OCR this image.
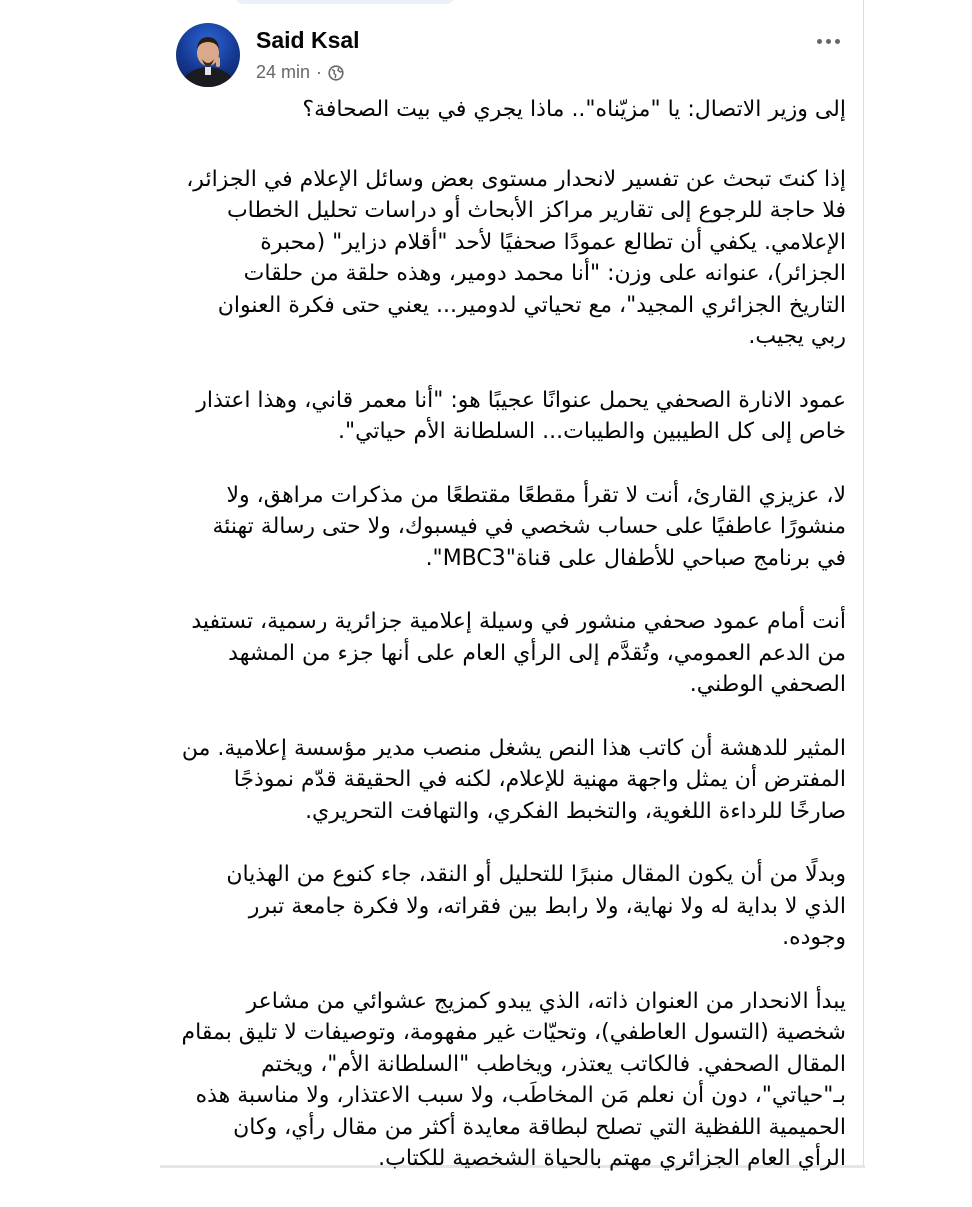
Said Ksal
24 min ·

إلى وزير الاتصال: يا "مزيّناه".. ماذا يجري في بيت الصحافة؟

إذا كنتَ تبحث عن تفسير لانحدار مستوى بعض وسائل الإعلام في الجزائر، فلا حاجة للرجوع إلى تقارير مراكز الأبحاث أو دراسات تحليل الخطاب الإعلامي. يكفي أن تطالع عمودًا صحفيًا لأحد "أقلام دزاير" (محبرة الجزائر)، عنوانه على وزن: "أنا محمد دومير، وهذه حلقة من حلقات التاريخ الجزائري المجيد"، مع تحياتي لدومير... يعني حتى فكرة العنوان ربي يجيب.

عمود الانارة الصحفي يحمل عنوانًا عجيبًا هو: "أنا معمر قاني، وهذا اعتذار خاص إلى كل الطيبين والطيبات... السلطانة الأم حياتي".

لا، عزيزي القارئ، أنت لا تقرأ مقطعًا مقتطعًا من مذكرات مراهق، ولا منشورًا عاطفيًا على حساب شخصي في فيسبوك، ولا حتى رسالة تهنئة في برنامج صباحي للأطفال على قناة"MBC3".

أنت أمام عمود صحفي منشور في وسيلة إعلامية جزائرية رسمية، تستفيد من الدعم العمومي، وتُقدَّم إلى الرأي العام على أنها جزء من المشهد الصحفي الوطني.

المثير للدهشة أن كاتب هذا النص يشغل منصب مدير مؤسسة إعلامية. من المفترض أن يمثل واجهة مهنية للإعلام، لكنه في الحقيقة قدّم نموذجًا صارخًا للرداءة اللغوية، والتخبط الفكري، والتهافت التحريري.

وبدلًا من أن يكون المقال منبرًا للتحليل أو النقد، جاء كنوع من الهذيان الذي لا بداية له ولا نهاية، ولا رابط بين فقراته، ولا فكرة جامعة تبرر وجوده.

يبدأ الانحدار من العنوان ذاته، الذي يبدو كمزيج عشوائي من مشاعر شخصية (التسول العاطفي)، وتحيّات غير مفهومة، وتوصيفات لا تليق بمقام المقال الصحفي. فالكاتب يعتذر، ويخاطب "السلطانة الأم"، ويختم بـ"حياتي"، دون أن نعلم مَن المخاطَب، ولا سبب الاعتذار، ولا مناسبة هذه الحميمية اللفظية التي تصلح لبطاقة معايدة أكثر من مقال رأي، وكان الرأي العام الجزائري مهتم بالحياة الشخصية للكتاب.
